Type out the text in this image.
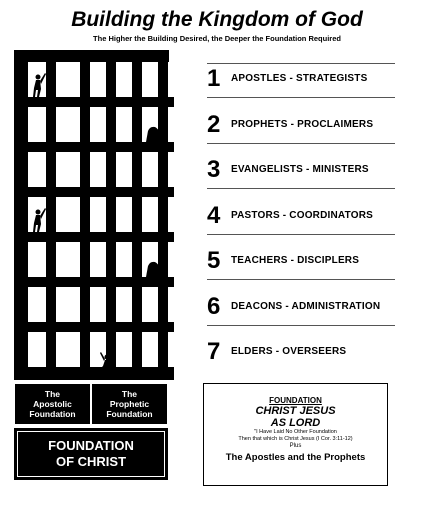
Building the Kingdom of God
The Higher the Building Desired, the Deeper the Foundation Required
1 APOSTLES - STRATEGISTS
2 PROPHETS - PROCLAIMERS
3 EVANGELISTS - MINISTERS
4 PASTORS - COORDINATORS
5 TEACHERS - DISCIPLERS
6 DEACONS - ADMINISTRATION
7 ELDERS - OVERSEERS
The
Apostolic
Foundation
The
Prophetic
Foundation
FOUNDATION
OF CHRIST
FOUNDATION
CHRIST JESUS
AS LORD
"I Have Laid No Other Foundation
Then that which is Christ Jesus (I Cor. 3:11-12)
Plus
The Apostles and the Prophets
